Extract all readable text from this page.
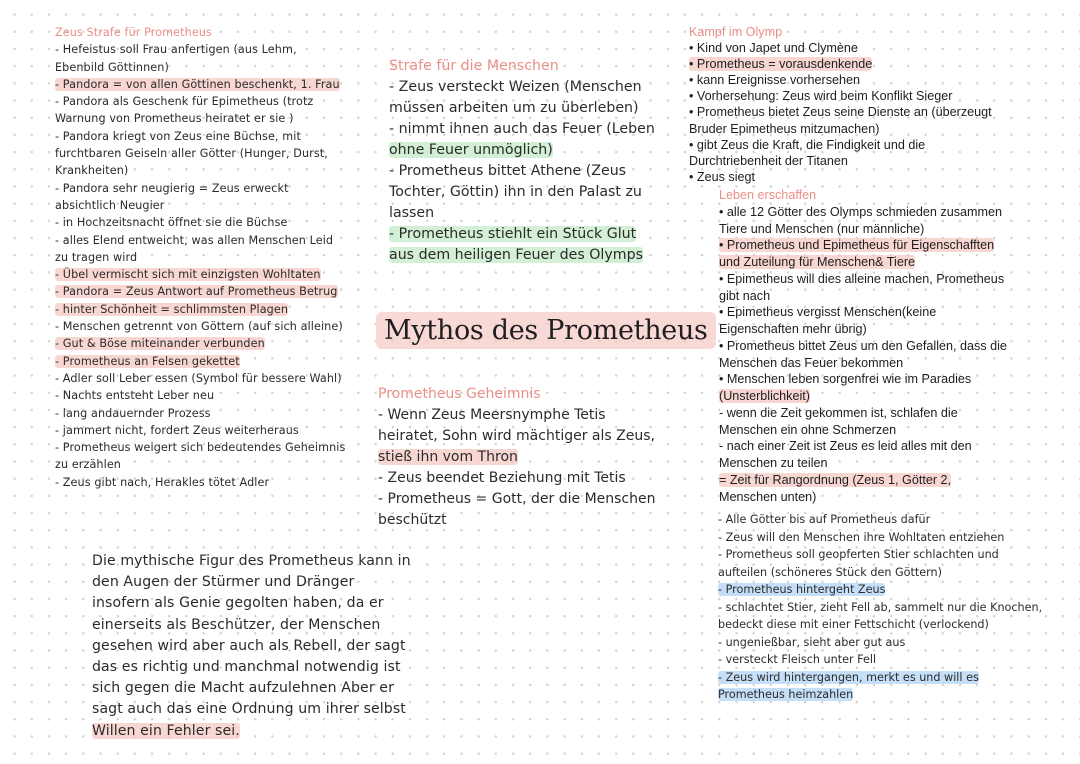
Zeus Strafe für Prometheus
- Hefeistus soll Frau anfertigen (aus Lehm,
Ebenbild Göttinnen)
- Pandora = von allen Göttinen beschenkt, 1. Frau
- Pandora als Geschenk für Epimetheus (trotz
Warnung von Prometheus heiratet er sie )
- Pandora kriegt von Zeus eine Büchse, mit
furchtbaren Geiseln aller Götter (Hunger, Durst,
Krankheiten)
- Pandora sehr neugierig = Zeus erweckt
absichtlich Neugier
- in Hochzeitsnacht öffnet sie die Büchse
- alles Elend entweicht, was allen Menschen Leid
zu tragen wird
- Übel vermischt sich mit einzigsten Wohltaten
- Pandora = Zeus Antwort auf Prometheus Betrug
- hinter Schönheit = schlimmsten Plagen
- Menschen getrennt von Göttern (auf sich alleine)
- Gut & Böse miteinander verbunden
- Prometheus an Felsen gekettet
- Adler soll Leber essen (Symbol für bessere Wahl)
- Nachts entsteht Leber neu
- lang andauernder Prozess
- jammert nicht, fordert Zeus weiterheraus
- Prometheus weigert sich bedeutendes Geheimnis
zu erzählen
- Zeus gibt nach, Herakles tötet Adler
Strafe für die Menschen
- Zeus versteckt Weizen (Menschen
müssen arbeiten um zu überleben)
- nimmt ihnen auch das Feuer (Leben
ohne Feuer unmöglich)
- Prometheus bittet Athene (Zeus
Tochter, Göttin) ihn in den Palast zu
lassen
- Prometheus stiehlt ein Stück Glut
aus dem heiligen Feuer des Olymps
Mythos des Prometheus
Prometheus Geheimnis
- Wenn Zeus Meersnymphe Tetis
heiratet, Sohn wird mächtiger als Zeus,
stieß ihn vom Thron
- Zeus beendet Beziehung mit Tetis
- Prometheus = Gott, der die Menschen
beschützt
Die mythische Figur des Prometheus kann in
den Augen der Stürmer und Dränger
insofern als Genie gegolten haben, da er
einerseits als Beschützer, der Menschen
gesehen wird aber auch als Rebell, der sagt
das es richtig und manchmal notwendig ist
sich gegen die Macht aufzulehnen Aber er
sagt auch das eine Ordnung um ihrer selbst
Willen ein Fehler sei.
Kampf im Olymp
• Kind von Japet und Clymène
• Prometheus = vorausdenkende
• kann Ereignisse vorhersehen
• Vorhersehung: Zeus wird beim Konflikt Sieger
• Prometheus bietet Zeus seine Dienste an (überzeugt
Bruder Epimetheus mitzumachen)
• gibt Zeus die Kraft, die Findigkeit und die
Durchtriebenheit der Titanen
• Zeus siegt
Leben erschaffen
• alle 12 Götter des Olymps schmieden zusammen
Tiere und Menschen (nur männliche)
• Prometheus und Epimetheus für Eigenschafften
und Zuteilung für Menschen& Tiere
• Epimetheus will dies alleine machen, Prometheus
gibt nach
• Epimetheus vergisst Menschen(keine
Eigenschaften mehr übrig)
• Prometheus bittet Zeus um den Gefallen, dass die
Menschen das Feuer bekommen
• Menschen leben sorgenfrei wie im Paradies
(Unsterblichkeit)
- wenn die Zeit gekommen ist, schlafen die
Menschen ein ohne Schmerzen
- nach einer Zeit ist Zeus es leid alles mit den
Menschen zu teilen
= Zeit für Rangordnung (Zeus 1, Götter 2,
Menschen unten)
- Alle Götter bis auf Prometheus dafür
- Zeus will den Menschen ihre Wohltaten entziehen
- Prometheus soll geopferten Stier schlachten und
aufteilen (schöneres Stück den Göttern)
- Prometheus hintergeht Zeus
- schlachtet Stier, zieht Fell ab, sammelt nur die Knochen,
bedeckt diese mit einer Fettschicht (verlockend)
- ungenießbar, sieht aber gut aus
- versteckt Fleisch unter Fell
- Zeus wird hintergangen, merkt es und will es
Prometheus heimzahlen
